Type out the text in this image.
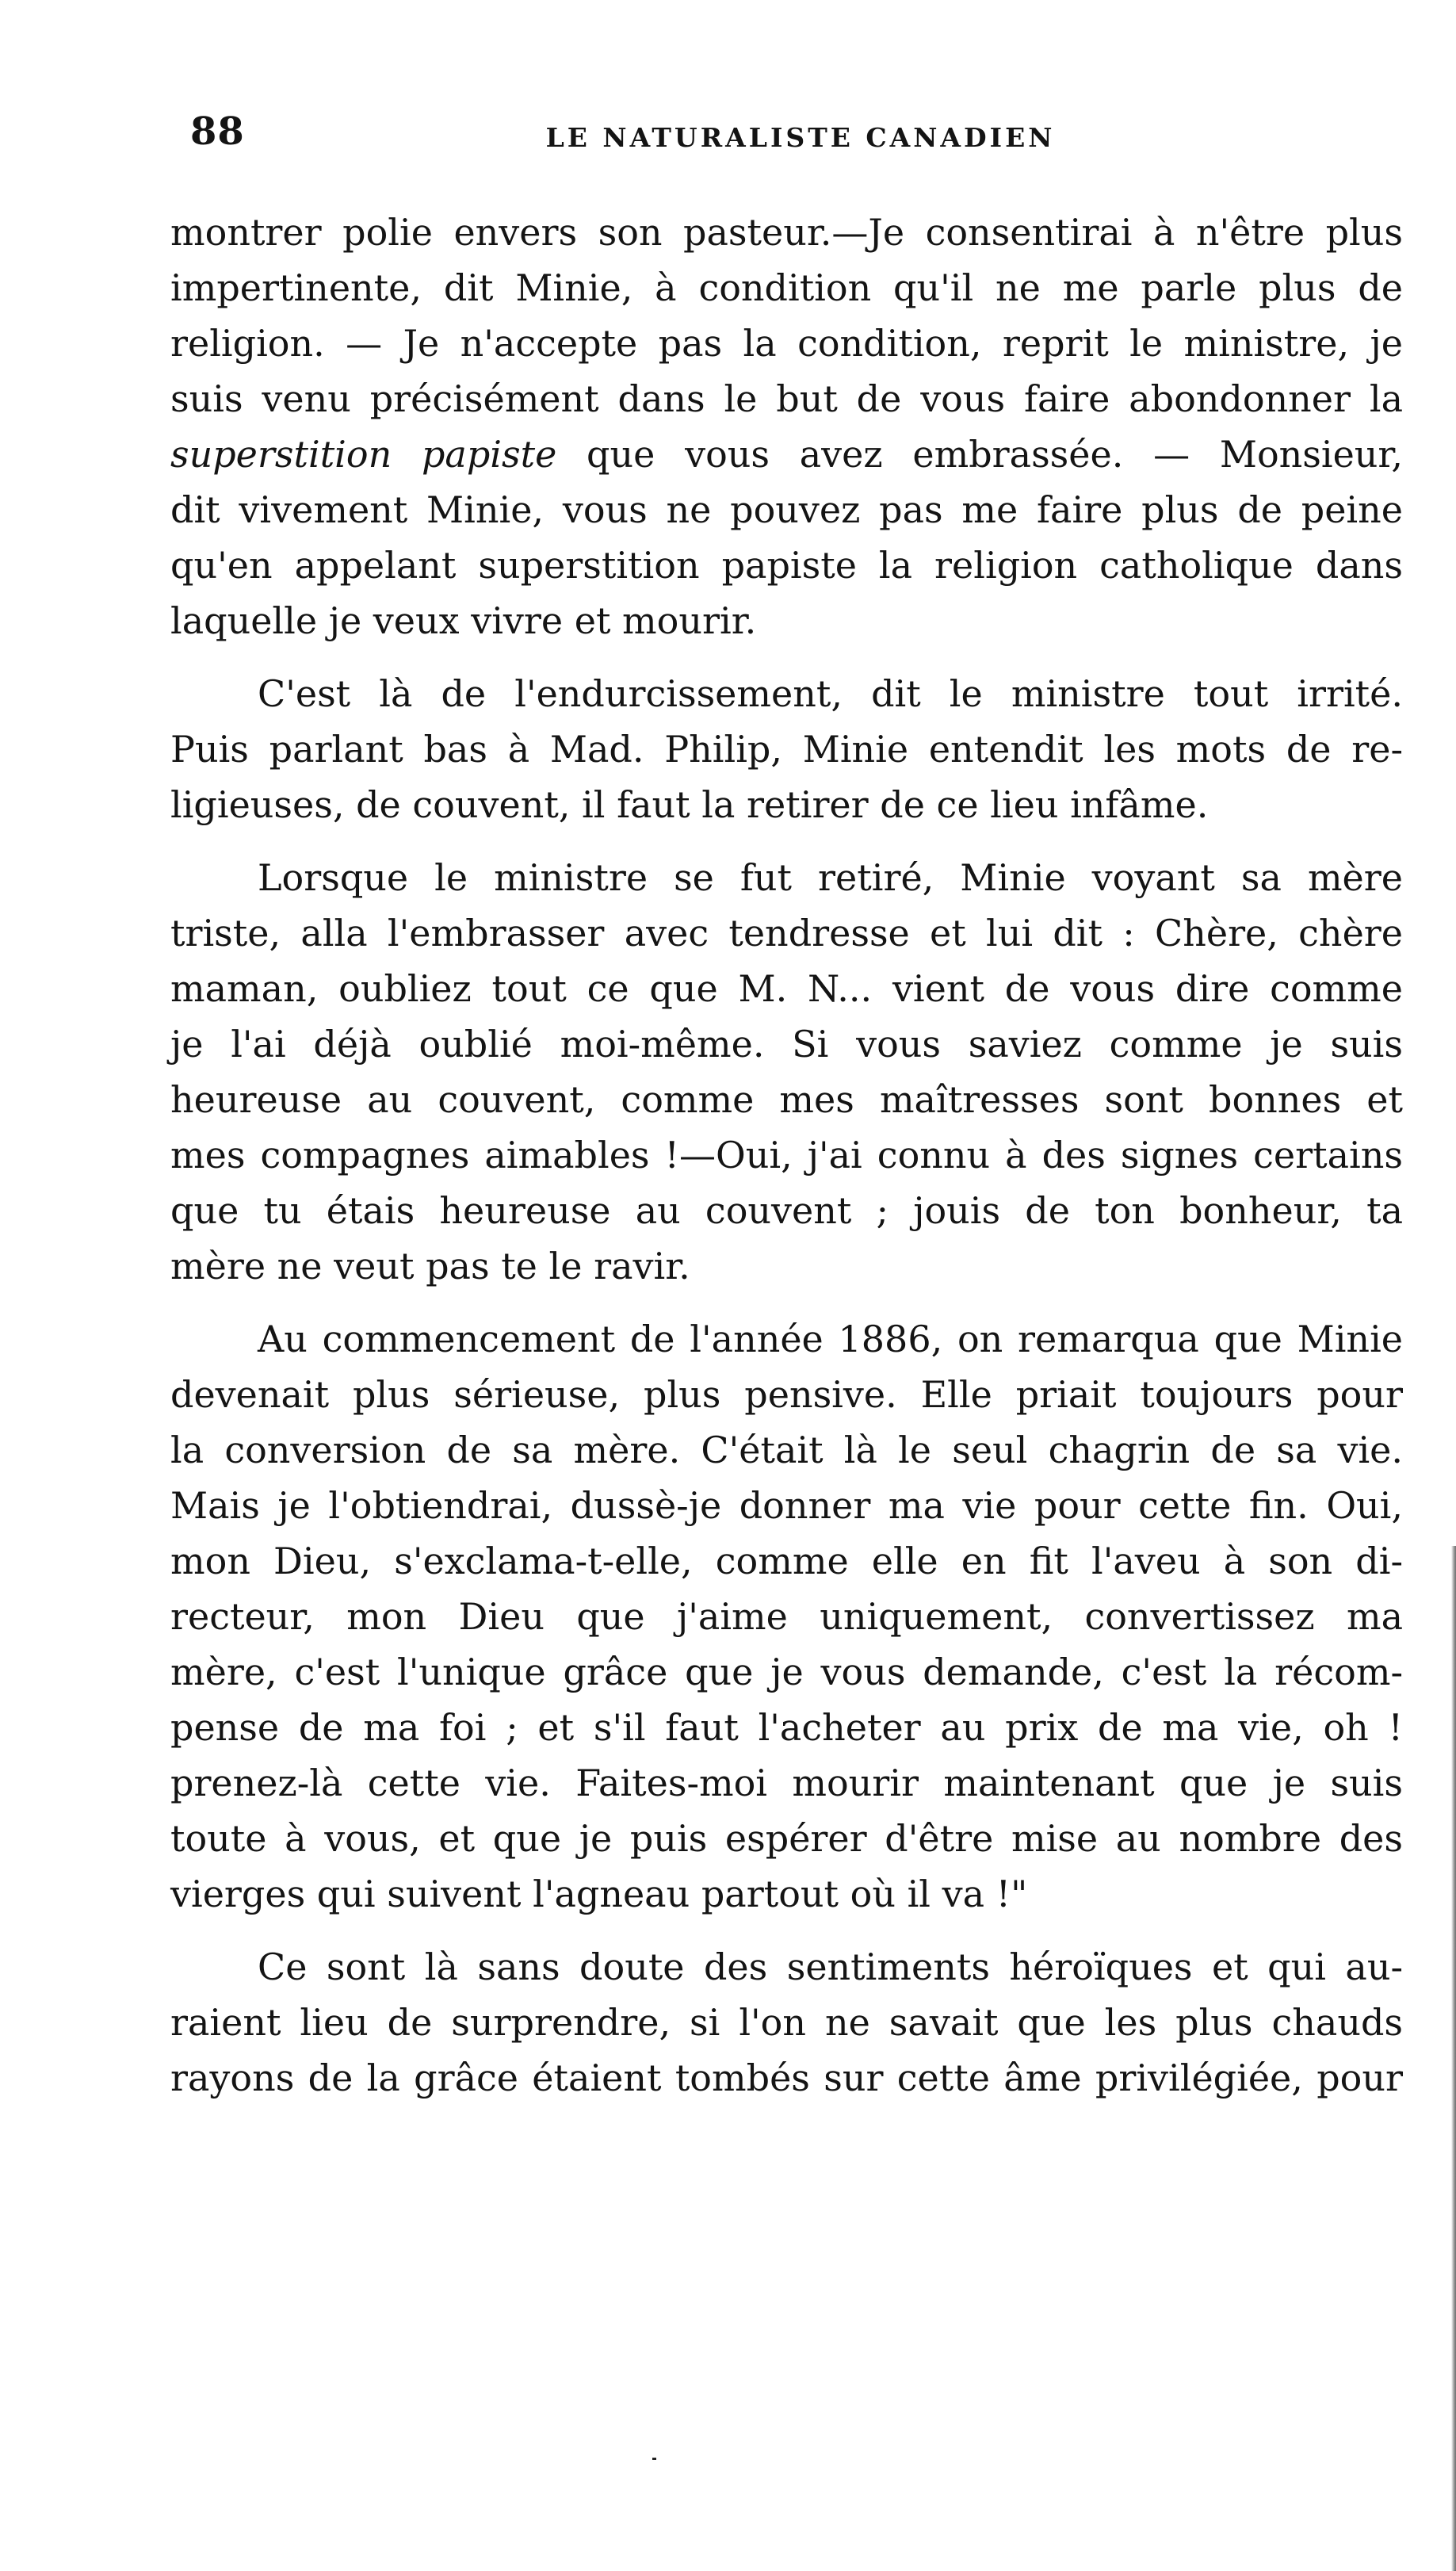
88	LE NATURALISTE CANADIEN
montrer polie envers son pasteur.—Je consentirai à n'être plus
impertinente, dit Minie, à condition qu'il ne me parle plus de
religion. — Je n'accepte pas la condition, reprit le ministre, je
suis venu précisément dans le but de vous faire abondonner la
superstition papiste que vous avez embrassée. — Monsieur,
dit vivement Minie, vous ne pouvez pas me faire plus de peine
qu'en appelant superstition papiste la religion catholique dans
laquelle je veux vivre et mourir.
C'est là de l'endurcissement, dit le ministre tout irrité.
Puis parlant bas à Mad. Philip, Minie entendit les mots de re-
ligieuses, de couvent, il faut la retirer de ce lieu infâme.
Lorsque le ministre se fut retiré, Minie voyant sa mère
triste, alla l'embrasser avec tendresse et lui dit : Chère, chère
maman, oubliez tout ce que M. N... vient de vous dire comme
je l'ai déjà oublié moi-même. Si vous saviez comme je suis
heureuse au couvent, comme mes maîtresses sont bonnes et
mes compagnes aimables !—Oui, j'ai connu à des signes certains
que tu étais heureuse au couvent ; jouis de ton bonheur, ta
mère ne veut pas te le ravir.
Au commencement de l'année 1886, on remarqua que Minie
devenait plus sérieuse, plus pensive. Elle priait toujours pour
la conversion de sa mère. C'était là le seul chagrin de sa vie.
Mais je l'obtiendrai, dussè-je donner ma vie pour cette fin. Oui,
mon Dieu, s'exclama-t-elle, comme elle en fit l'aveu à son di-
recteur, mon Dieu que j'aime uniquement, convertissez ma
mère, c'est l'unique grâce que je vous demande, c'est la récom-
pense de ma foi ; et s'il faut l'acheter au prix de ma vie, oh !
prenez-là cette vie. Faites-moi mourir maintenant que je suis
toute à vous, et que je puis espérer d'être mise au nombre des
vierges qui suivent l'agneau partout où il va !"
Ce sont là sans doute des sentiments héroïques et qui au-
raient lieu de surprendre, si l'on ne savait que les plus chauds
rayons de la grâce étaient tombés sur cette âme privilégiée, pour
